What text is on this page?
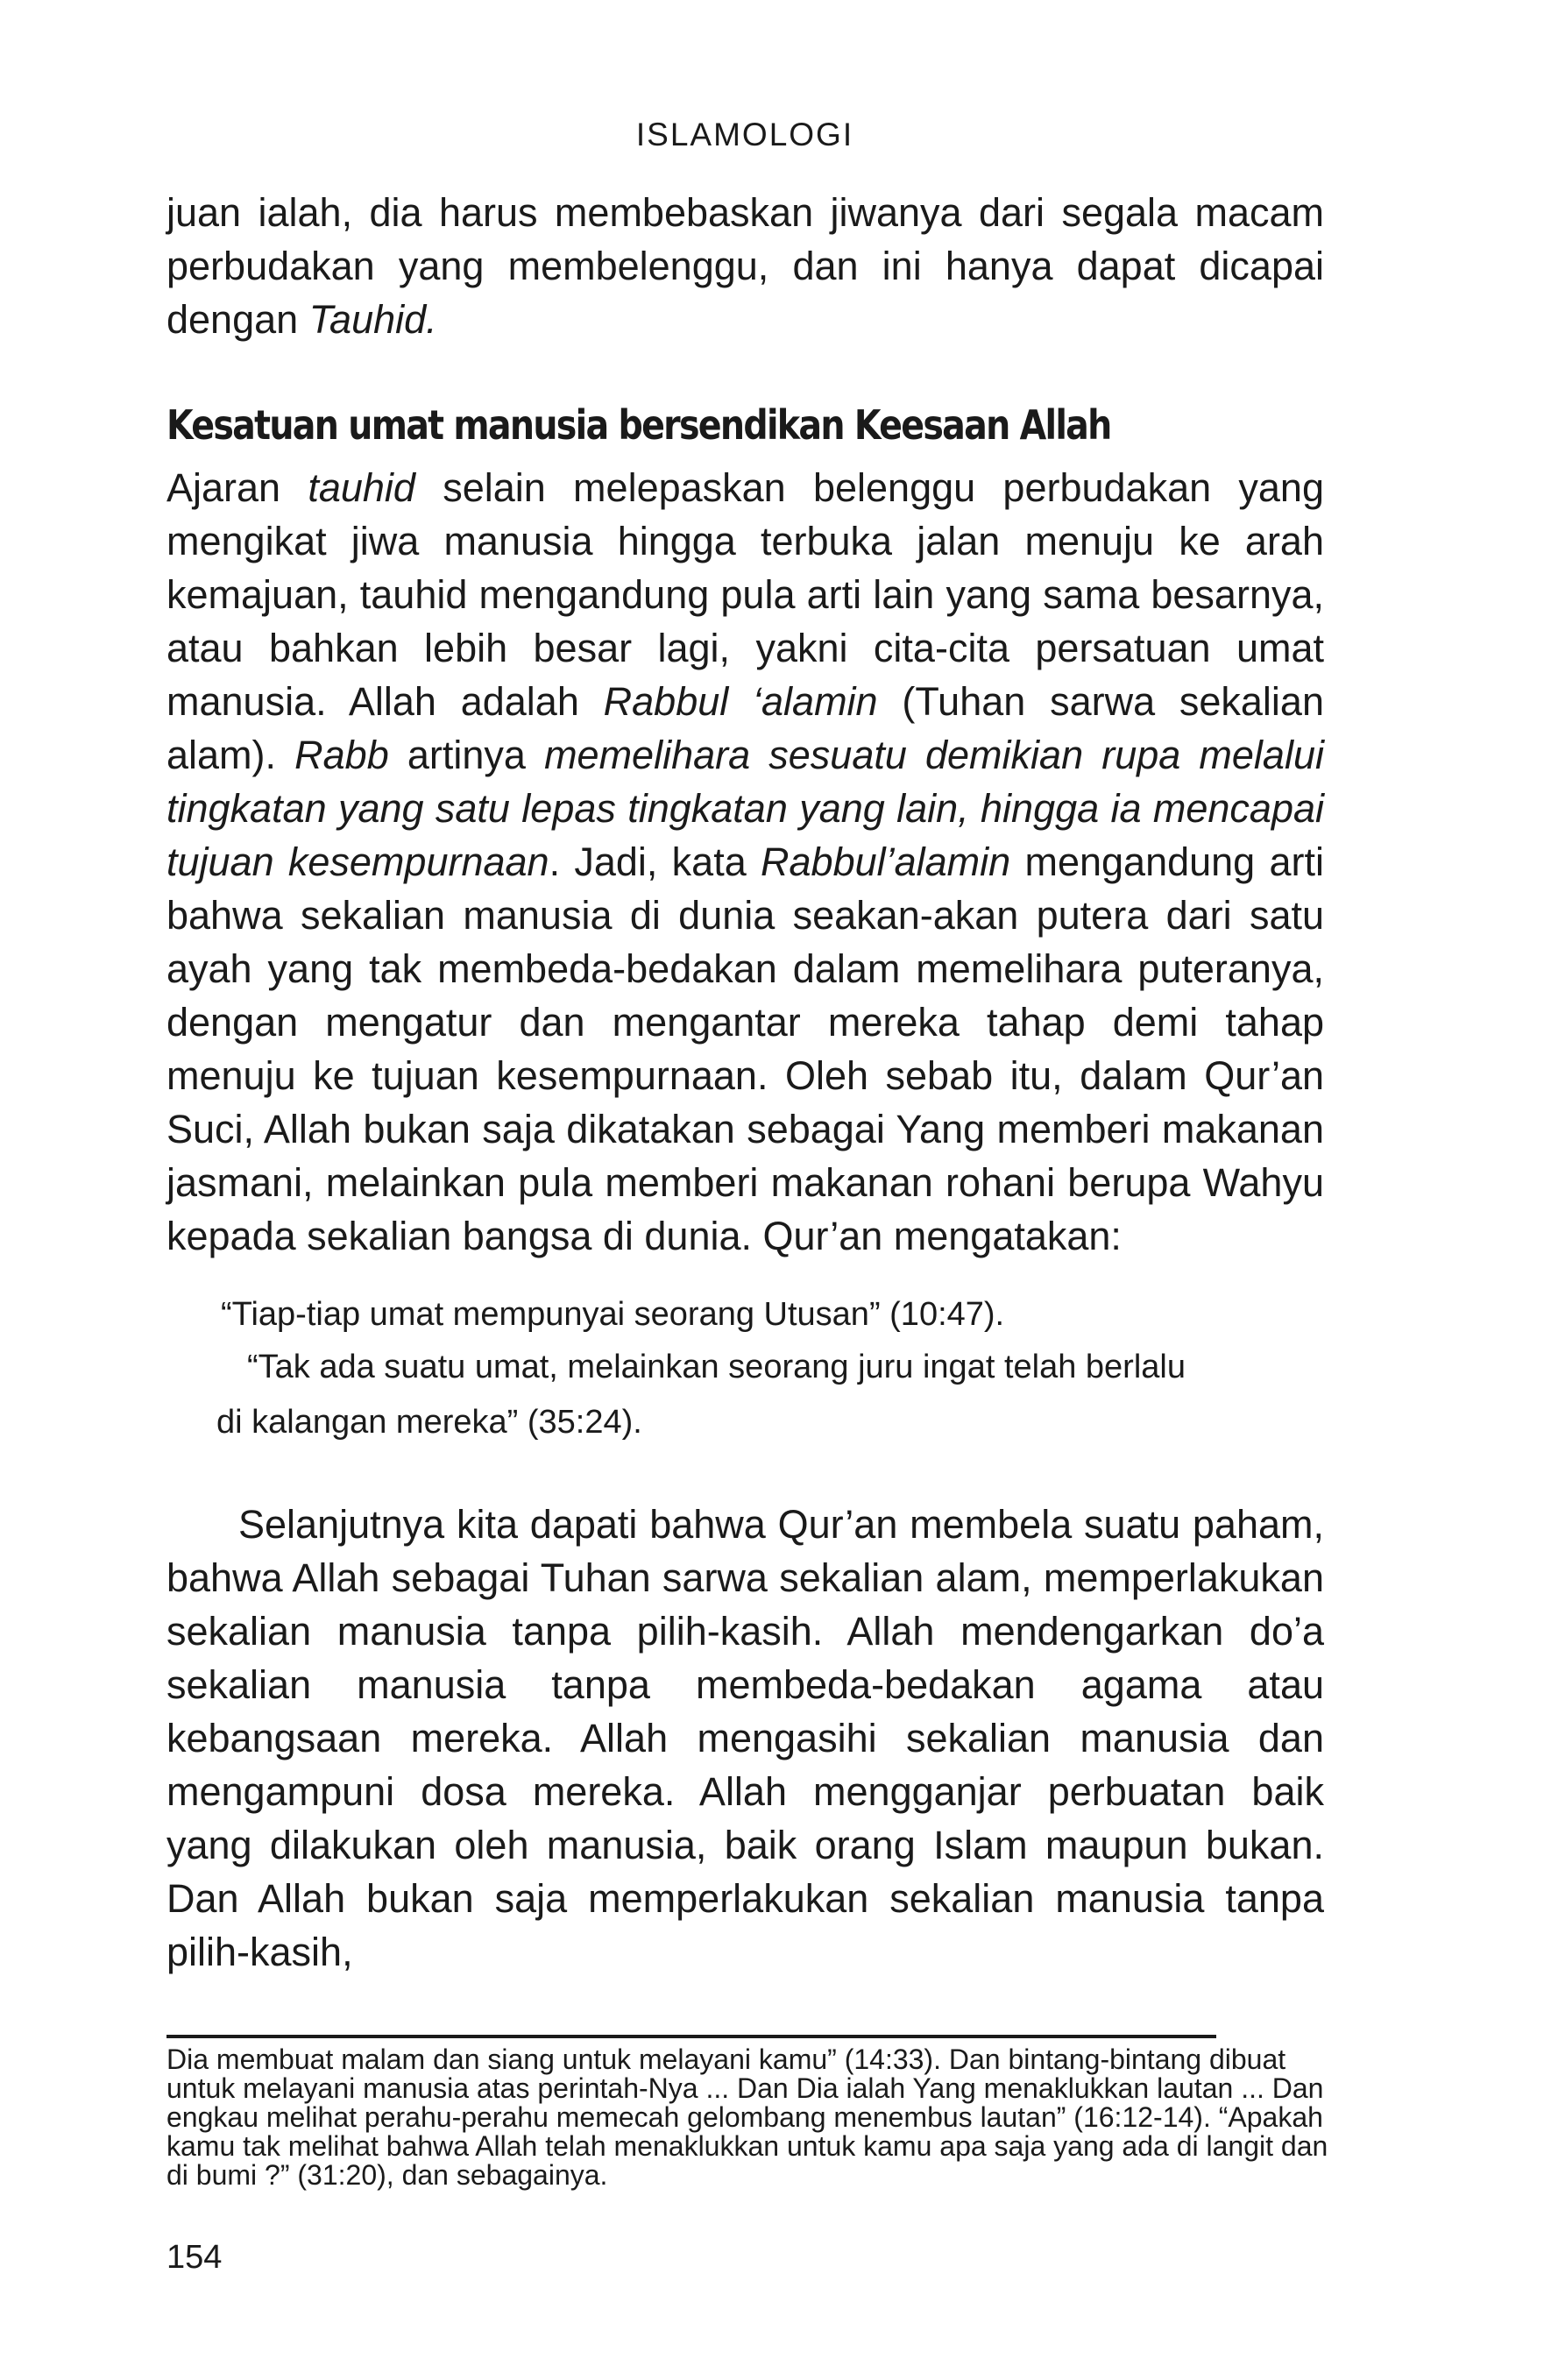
ISLAMOLOGI

juan ialah, dia harus membebaskan jiwanya dari segala macam perbudakan yang membelenggu, dan ini hanya dapat dicapai dengan Tauhid.

Kesatuan umat manusia bersendikan Keesaan Allah

Ajaran tauhid selain melepaskan belenggu perbudakan yang mengikat jiwa manusia hingga terbuka jalan menuju ke arah kemajuan, tauhid mengandung pula arti lain yang sama besarnya, atau bahkan lebih besar lagi, yakni cita-cita persatuan umat manusia. Allah adalah Rabbul ‘alamin (Tuhan sarwa sekalian alam). Rabb artinya memelihara sesuatu demikian rupa melalui tingkatan yang satu lepas tingkatan yang lain, hingga ia mencapai tujuan kesempurnaan. Jadi, kata Rabbul’alamin mengandung arti bahwa sekalian manusia di dunia seakan-akan putera dari satu ayah yang tak membeda-bedakan dalam memelihara puteranya, dengan mengatur dan mengantar mereka tahap demi tahap menuju ke tujuan kesempurnaan. Oleh sebab itu, dalam Qur’an Suci, Allah bukan saja dikatakan sebagai Yang memberi makanan jasmani, melainkan pula memberi makanan rohani berupa Wahyu kepada sekalian bangsa di dunia. Qur’an mengatakan:

“Tiap-tiap umat mempunyai seorang Utusan” (10:47).

“Tak ada suatu umat, melainkan seorang juru ingat telah berlalu

di kalangan mereka” (35:24).

Selanjutnya kita dapati bahwa Qur’an membela suatu paham, bahwa Allah sebagai Tuhan sarwa sekalian alam, memperlakukan sekalian manusia tanpa pilih-kasih. Allah mendengarkan do’a sekalian manusia tanpa membeda-bedakan agama atau kebangsaan mereka. Allah mengasihi sekalian manusia dan mengampuni dosa mereka. Allah mengganjar perbuatan baik yang dilakukan oleh manusia, baik orang Islam maupun bukan. Dan Allah bukan saja memperlakukan sekalian manusia tanpa pilih-kasih,

Dia membuat malam dan siang untuk melayani kamu” (14:33). Dan bintang-bintang dibuat untuk melayani manusia atas perintah-Nya ... Dan Dia ialah Yang menaklukkan lautan ... Dan engkau melihat perahu-perahu memecah gelombang menembus lautan” (16:12-14). “Apakah kamu tak melihat bahwa Allah telah menaklukkan untuk kamu apa saja yang ada di langit dan di bumi ?” (31:20), dan sebagainya.

154
